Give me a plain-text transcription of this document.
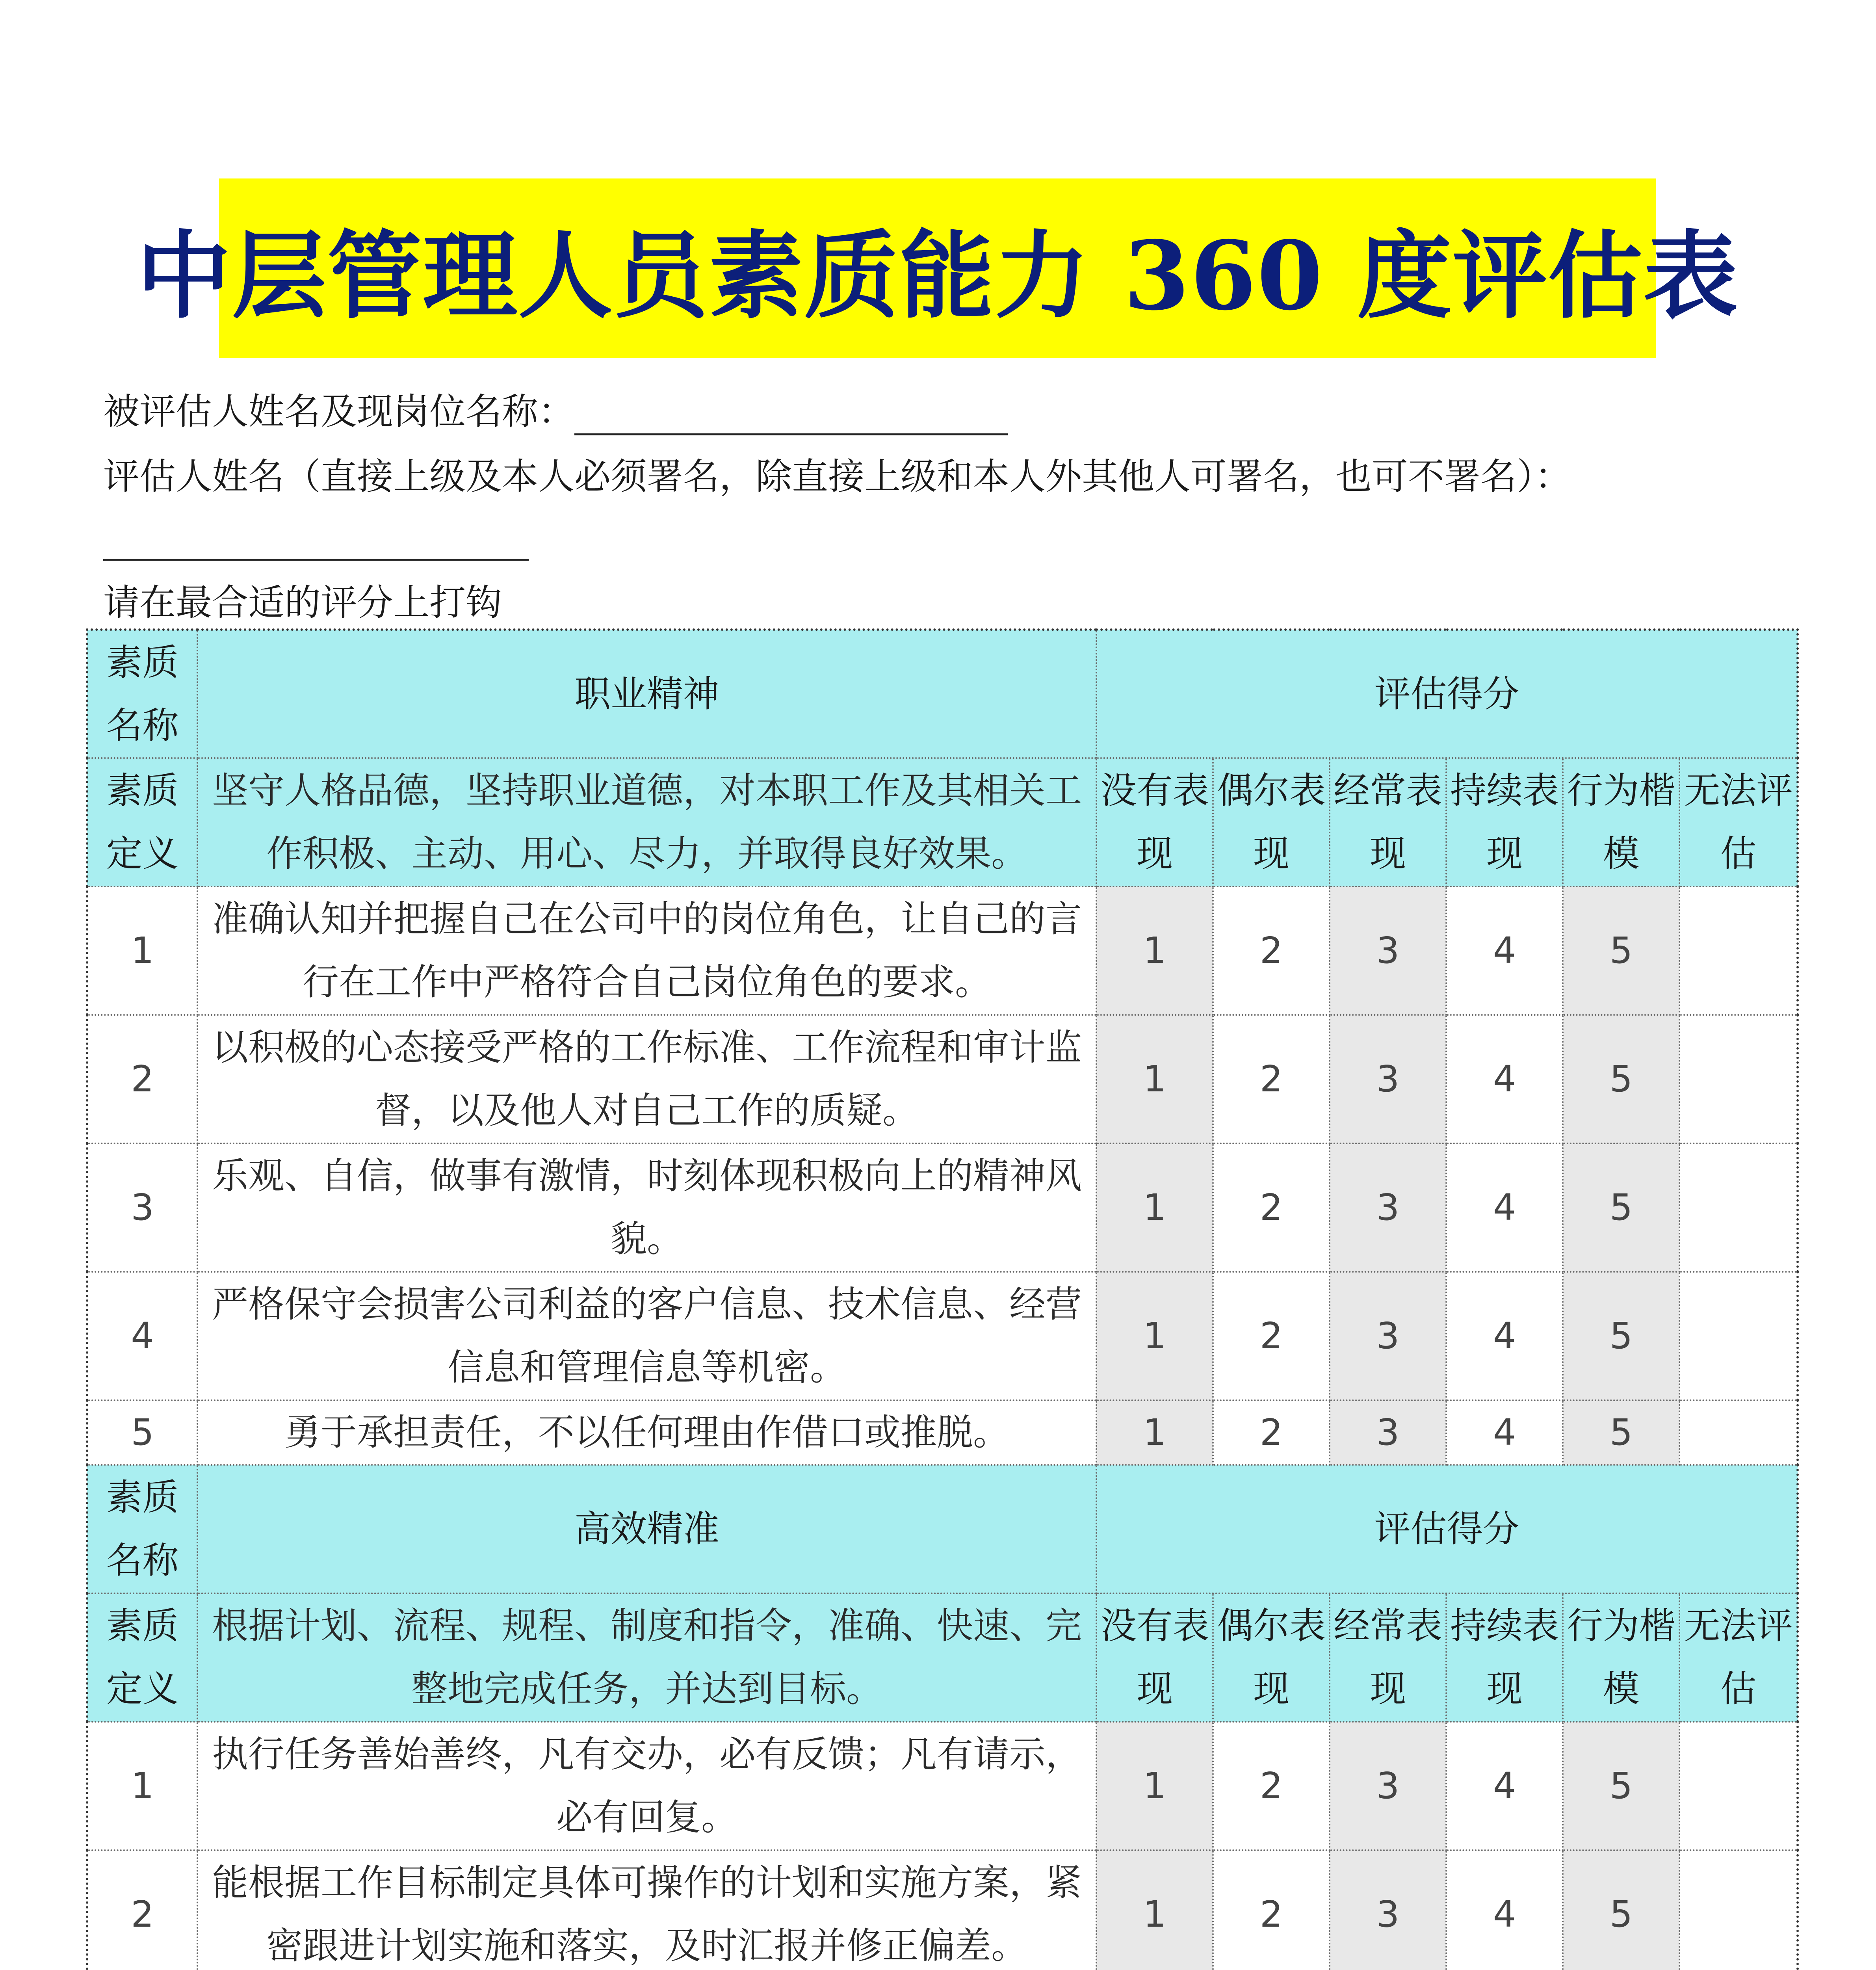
中层管理人员素质能力 360 度评估表
被评估人姓名及现岗位名称：
评估人姓名（直接上级及本人必须署名，除直接上级和本人外其他人可署名，也可不署名）：
请在最合适的评分上打钩
素质名称	职业精神	评估得分					
素质定义	坚守人格品德，坚持职业道德，对本职工作及其相关工作积极、主动、用心、尽力，并取得良好效果。	没有表现	偶尔表现	经常表现	持续表现	行为楷模	无法评估
1	准确认知并把握自己在公司中的岗位角色，让自己的言行在工作中严格符合自己岗位角色的要求。	1	2	3	4	5	
2	以积极的心态接受严格的工作标准、工作流程和审计监督，以及他人对自己工作的质疑。	1	2	3	4	5	
3	乐观、自信，做事有激情，时刻体现积极向上的精神风貌。	1	2	3	4	5	
4	严格保守会损害公司利益的客户信息、技术信息、经营信息和管理信息等机密。	1	2	3	4	5	
5	勇于承担责任，不以任何理由作借口或推脱。	1	2	3	4	5	
素质名称	高效精准	评估得分					
素质定义	根据计划、流程、规程、制度和指令，准确、快速、完整地完成任务，并达到目标。	没有表现	偶尔表现	经常表现	持续表现	行为楷模	无法评估
1	执行任务善始善终，凡有交办，必有反馈；凡有请示，必有回复。	1	2	3	4	5	
2	能根据工作目标制定具体可操作的计划和实施方案，紧密跟进计划实施和落实，及时汇报并修正偏差。	1	2	3	4	5	
